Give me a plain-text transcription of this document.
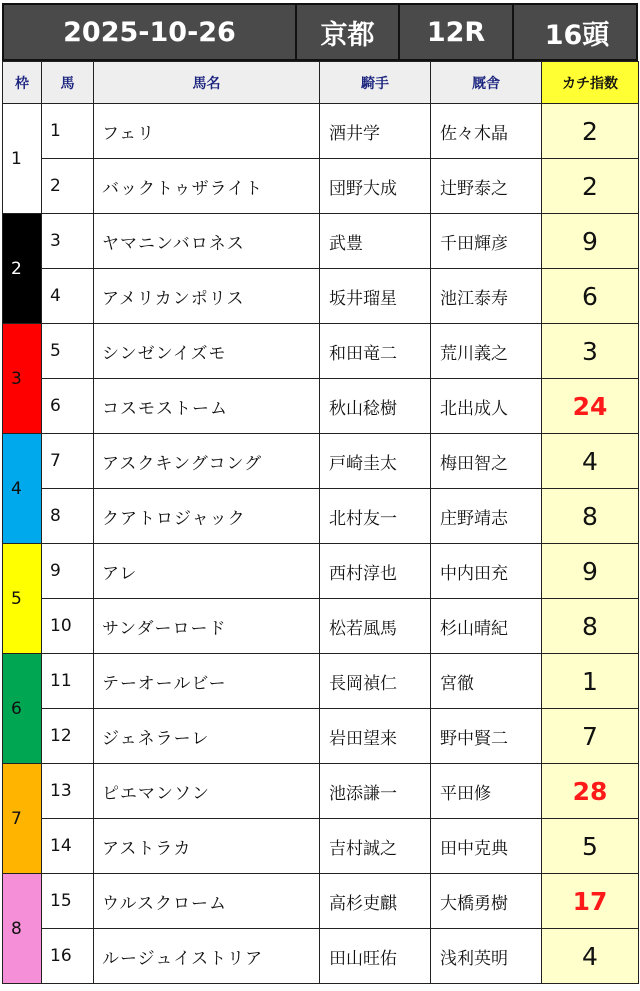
2025-10-26	京都	12R	16頭
枠	馬	馬名	騎手	厩舎	カチ指数
1	1	フェリ	酒井学	佐々木晶	2
	2	バックトゥザライト	団野大成	辻野泰之	2
2	3	ヤマニンバロネス	武豊	千田輝彦	9
	4	アメリカンポリス	坂井瑠星	池江泰寿	6
3	5	シンゼンイズモ	和田竜二	荒川義之	3
	6	コスモストーム	秋山稔樹	北出成人	24
4	7	アスクキングコング	戸崎圭太	梅田智之	4
	8	クアトロジャック	北村友一	庄野靖志	8
5	9	アレ	西村淳也	中内田充	9
	10	サンダーロード	松若風馬	杉山晴紀	8
6	11	テーオールビー	長岡禎仁	宮徹	1
	12	ジェネラーレ	岩田望来	野中賢二	7
7	13	ピエマンソン	池添謙一	平田修	28
	14	アストラカ	吉村誠之	田中克典	5
8	15	ウルスクローム	高杉吏麒	大橋勇樹	17
	16	ルージュイストリア	田山旺佑	浅利英明	4
